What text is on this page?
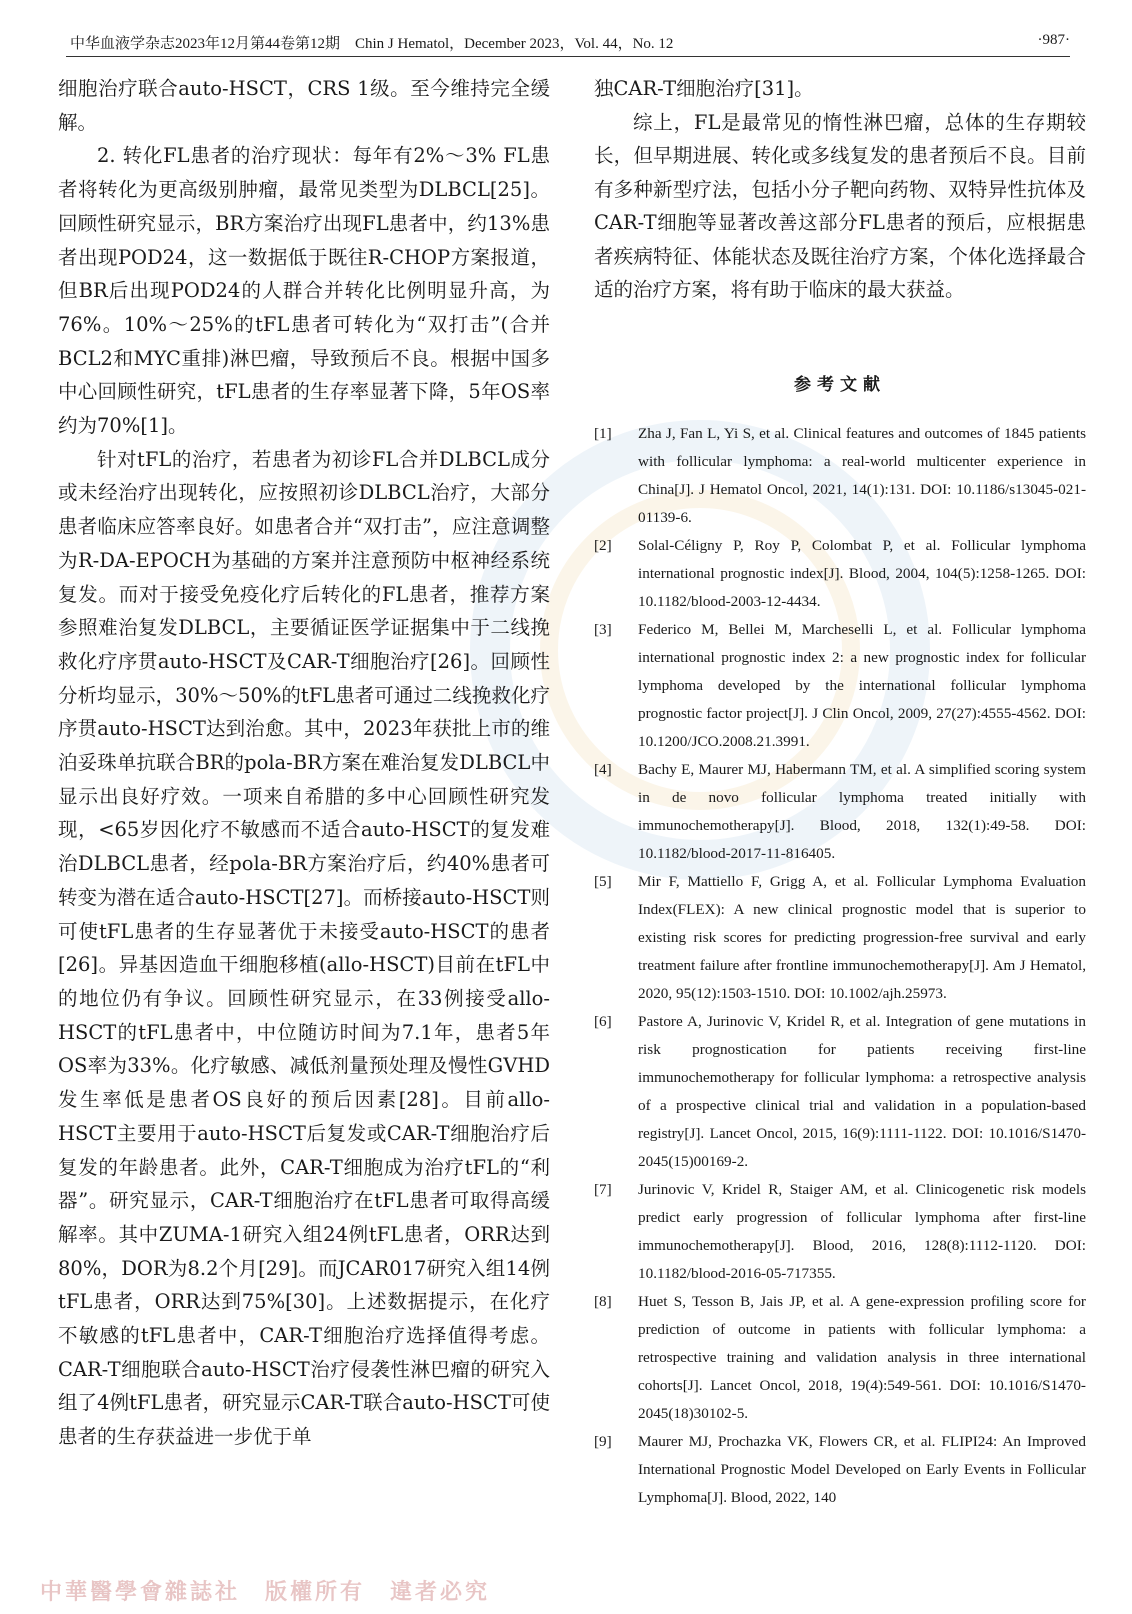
中华血液学杂志2023年12月第44卷第12期　Chin J Hematol，December 2023，Vol. 44，No. 12	·987·

细胞治疗联合auto-HSCT，CRS 1级。至今维持完全缓解。

2. 转化FL患者的治疗现状：每年有2%～3% FL患者将转化为更高级别肿瘤，最常见类型为DLBCL[25]。回顾性研究显示，BR方案治疗出现FL患者中，约13%患者出现POD24，这一数据低于既往R-CHOP方案报道，但BR后出现POD24的人群合并转化比例明显升高，为76%。10%～25%的tFL患者可转化为“双打击”(合并BCL2和MYC重排)淋巴瘤，导致预后不良。根据中国多中心回顾性研究，tFL患者的生存率显著下降，5年OS率约为70%[1]。

针对tFL的治疗，若患者为初诊FL合并DLBCL成分或未经治疗出现转化，应按照初诊DLBCL治疗，大部分患者临床应答率良好。如患者合并“双打击”，应注意调整为R-DA-EPOCH为基础的方案并注意预防中枢神经系统复发。而对于接受免疫化疗后转化的FL患者，推荐方案参照难治复发DLBCL，主要循证医学证据集中于二线挽救化疗序贯auto-HSCT及CAR-T细胞治疗[26]。回顾性分析均显示，30%～50%的tFL患者可通过二线挽救化疗序贯auto-HSCT达到治愈。其中，2023年获批上市的维泊妥珠单抗联合BR的pola-BR方案在难治复发DLBCL中显示出良好疗效。一项来自希腊的多中心回顾性研究发现，<65岁因化疗不敏感而不适合auto-HSCT的复发难治DLBCL患者，经pola-BR方案治疗后，约40%患者可转变为潜在适合auto-HSCT[27]。而桥接auto-HSCT则可使tFL患者的生存显著优于未接受auto-HSCT的患者[26]。异基因造血干细胞移植(allo-HSCT)目前在tFL中的地位仍有争议。回顾性研究显示，在33例接受allo-HSCT的tFL患者中，中位随访时间为7.1年，患者5年OS率为33%。化疗敏感、减低剂量预处理及慢性GVHD发生率低是患者OS良好的预后因素[28]。目前allo-HSCT主要用于auto-HSCT后复发或CAR-T细胞治疗后复发的年龄患者。此外，CAR-T细胞成为治疗tFL的“利器”。研究显示，CAR-T细胞治疗在tFL患者可取得高缓解率。其中ZUMA-1研究入组24例tFL患者，ORR达到80%，DOR为8.2个月[29]。而JCAR017研究入组14例tFL患者，ORR达到75%[30]。上述数据提示，在化疗不敏感的tFL患者中，CAR-T细胞治疗选择值得考虑。CAR-T细胞联合auto-HSCT治疗侵袭性淋巴瘤的研究入组了4例tFL患者，研究显示CAR-T联合auto-HSCT可使患者的生存获益进一步优于单

独CAR-T细胞治疗[31]。

综上，FL是最常见的惰性淋巴瘤，总体的生存期较长，但早期进展、转化或多线复发的患者预后不良。目前有多种新型疗法，包括小分子靶向药物、双特异性抗体及CAR-T细胞等显著改善这部分FL患者的预后，应根据患者疾病特征、体能状态及既往治疗方案，个体化选择最合适的治疗方案，将有助于临床的最大获益。

参考文献
[1] Zha J, Fan L, Yi S, et al. Clinical features and outcomes of 1845 patients with follicular lymphoma: a real-world multicenter experience in China[J]. J Hematol Oncol, 2021, 14(1):131. DOI: 10.1186/s13045-021-01139-6.
[2] Solal-Céligny P, Roy P, Colombat P, et al. Follicular lymphoma international prognostic index[J]. Blood, 2004, 104(5):1258-1265. DOI: 10.1182/blood-2003-12-4434.
[3] Federico M, Bellei M, Marcheselli L, et al. Follicular lymphoma international prognostic index 2: a new prognostic index for follicular lymphoma developed by the international follicular lymphoma prognostic factor project[J]. J Clin Oncol, 2009, 27(27):4555-4562. DOI: 10.1200/JCO.2008.21.3991.
[4] Bachy E, Maurer MJ, Habermann TM, et al. A simplified scoring system in de novo follicular lymphoma treated initially with immunochemotherapy[J]. Blood, 2018, 132(1):49-58. DOI: 10.1182/blood-2017-11-816405.
[5] Mir F, Mattiello F, Grigg A, et al. Follicular Lymphoma Evaluation Index(FLEX): A new clinical prognostic model that is superior to existing risk scores for predicting progression-free survival and early treatment failure after frontline immunochemotherapy[J]. Am J Hematol, 2020, 95(12):1503-1510. DOI: 10.1002/ajh.25973.
[6] Pastore A, Jurinovic V, Kridel R, et al. Integration of gene mutations in risk prognostication for patients receiving first-line immunochemotherapy for follicular lymphoma: a retrospective analysis of a prospective clinical trial and validation in a population-based registry[J]. Lancet Oncol, 2015, 16(9):1111-1122. DOI: 10.1016/S1470-2045(15)00169-2.
[7] Jurinovic V, Kridel R, Staiger AM, et al. Clinicogenetic risk models predict early progression of follicular lymphoma after first-line immunochemotherapy[J]. Blood, 2016, 128(8):1112-1120. DOI: 10.1182/blood-2016-05-717355.
[8] Huet S, Tesson B, Jais JP, et al. A gene-expression profiling score for prediction of outcome in patients with follicular lymphoma: a retrospective training and validation analysis in three international cohorts[J]. Lancet Oncol, 2018, 19(4):549-561. DOI: 10.1016/S1470-2045(18)30102-5.
[9] Maurer MJ, Prochazka VK, Flowers CR, et al. FLIPI24: An Improved International Prognostic Model Developed on Early Events in Follicular Lymphoma[J]. Blood, 2022, 140
中華醫學會雜誌社　版權所有　違者必究
